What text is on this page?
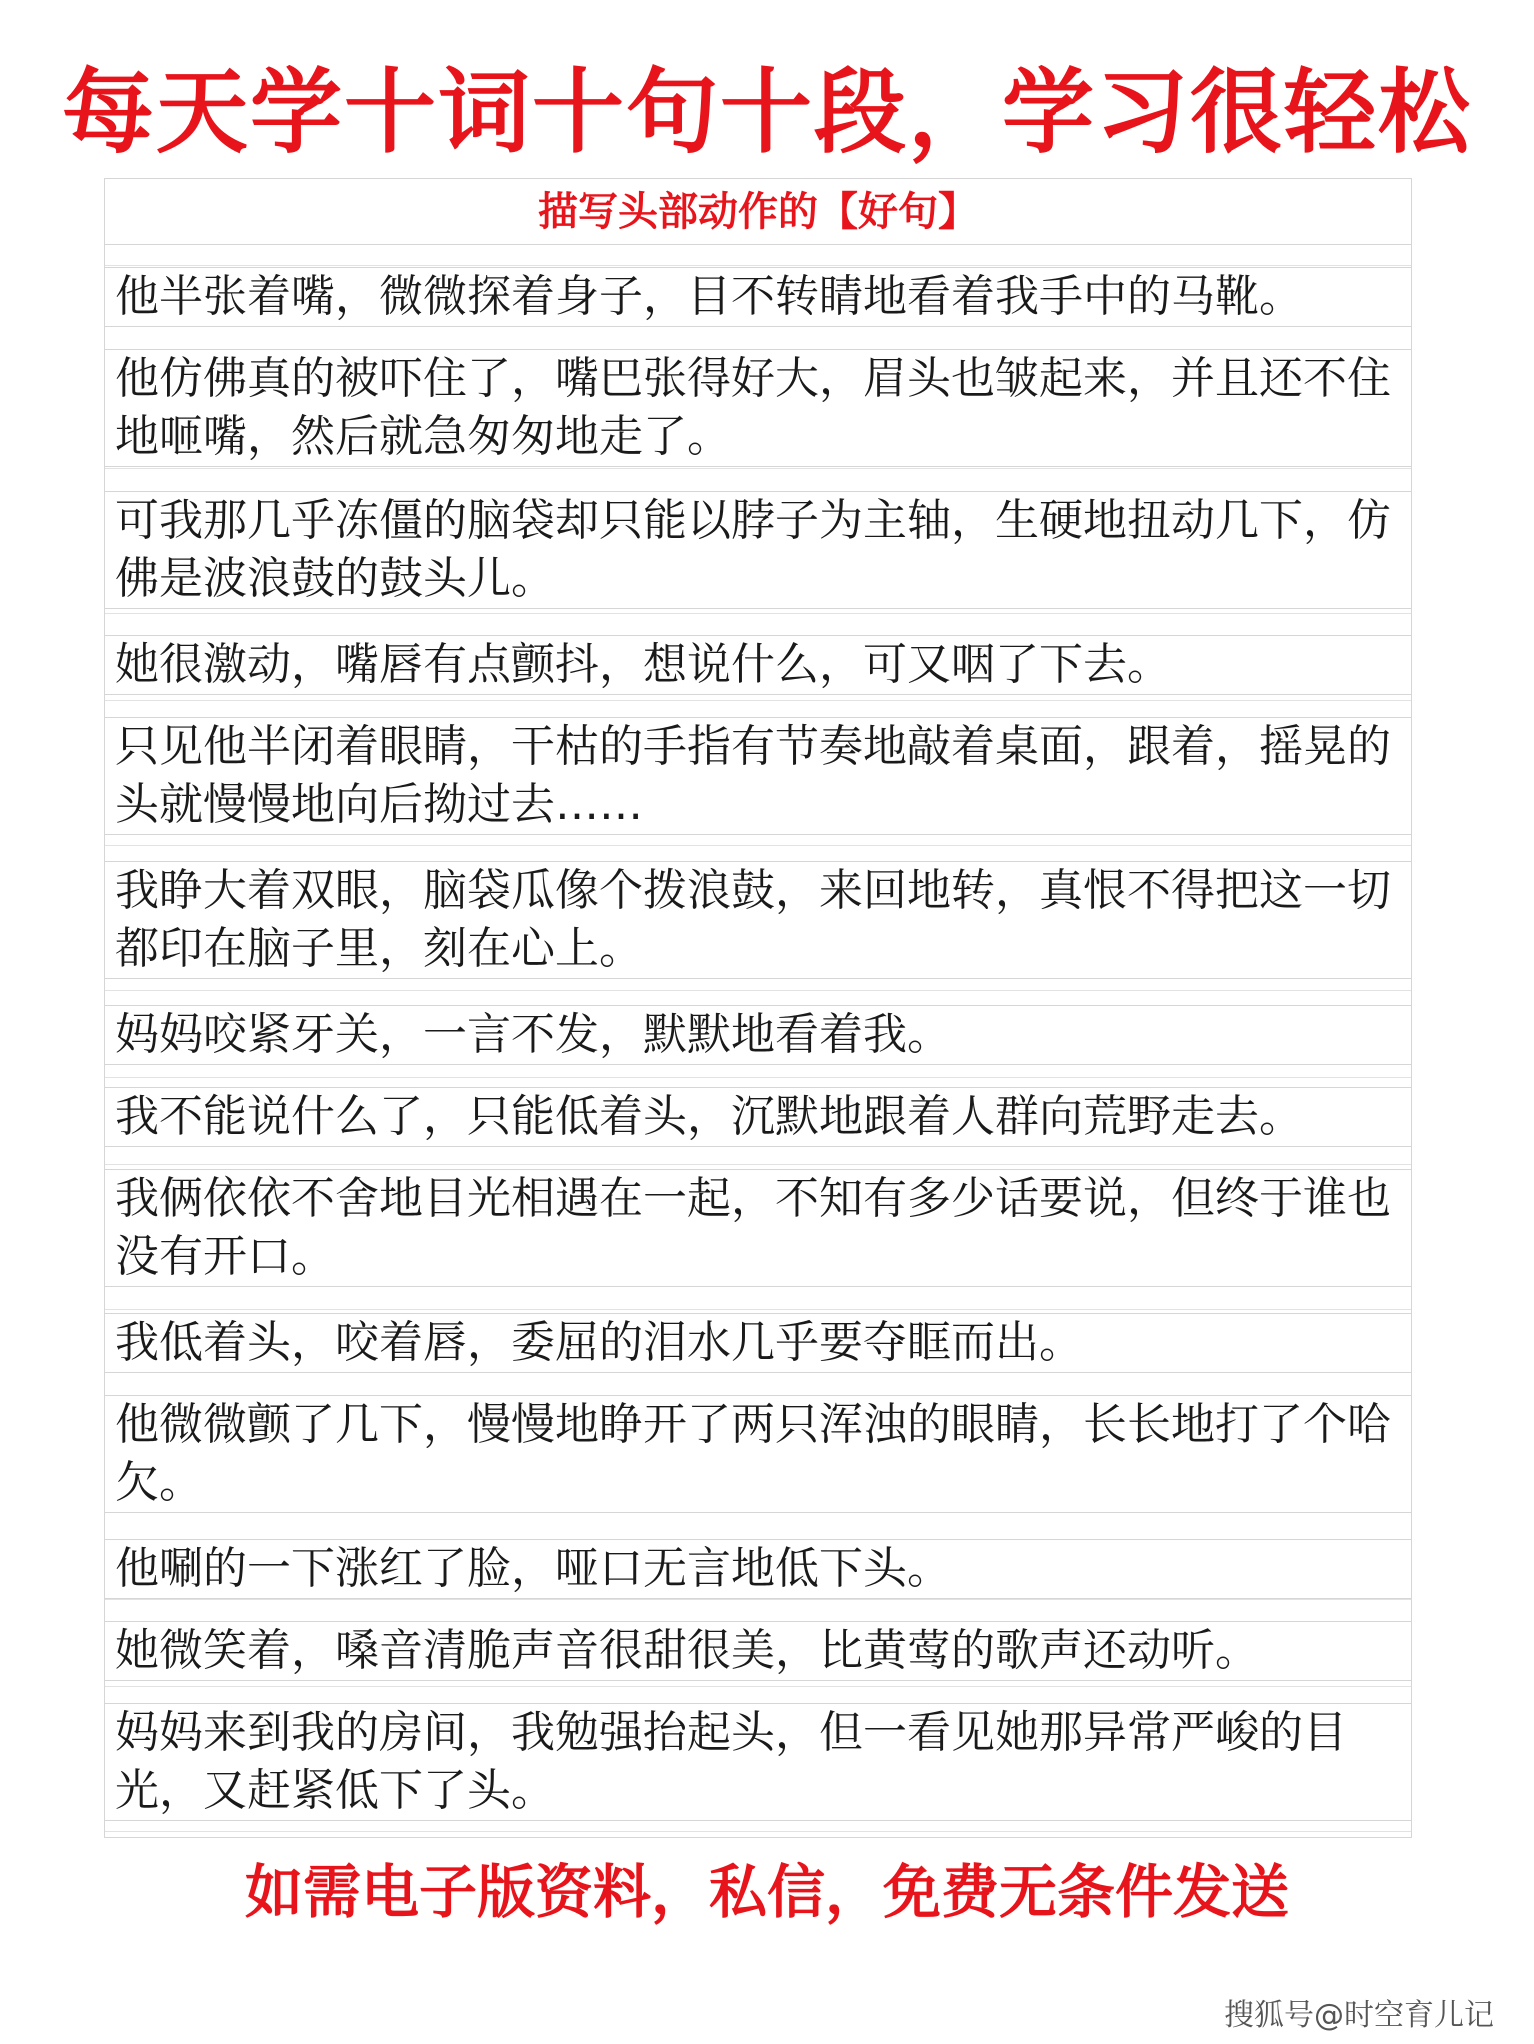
每天学十词十句十段，学习很轻松
描写头部动作的【好句】
他半张着嘴，微微探着身子，目不转睛地看着我手中的马靴。
他仿佛真的被吓住了，嘴巴张得好大，眉头也皱起来，并且还不住地咂嘴，然后就急匆匆地走了。
可我那几乎冻僵的脑袋却只能以脖子为主轴，生硬地扭动几下，仿佛是波浪鼓的鼓头儿。
她很激动，嘴唇有点颤抖，想说什么，可又咽了下去。
只见他半闭着眼睛，干枯的手指有节奏地敲着桌面，跟着，摇晃的头就慢慢地向后拗过去……
我睁大着双眼，脑袋瓜像个拨浪鼓，来回地转，真恨不得把这一切都印在脑子里，刻在心上。
妈妈咬紧牙关，一言不发，默默地看着我。
我不能说什么了，只能低着头，沉默地跟着人群向荒野走去。
我俩依依不舍地目光相遇在一起，不知有多少话要说，但终于谁也没有开口。
我低着头，咬着唇，委屈的泪水几乎要夺眶而出。
他微微颤了几下，慢慢地睁开了两只浑浊的眼睛，长长地打了个哈欠。
他唰的一下涨红了脸，哑口无言地低下头。
她微笑着，嗓音清脆声音很甜很美，比黄莺的歌声还动听。
妈妈来到我的房间，我勉强抬起头，但一看见她那异常严峻的目光，又赶紧低下了头。
如需电子版资料，私信，免费无条件发送
搜狐号@时空育儿记
